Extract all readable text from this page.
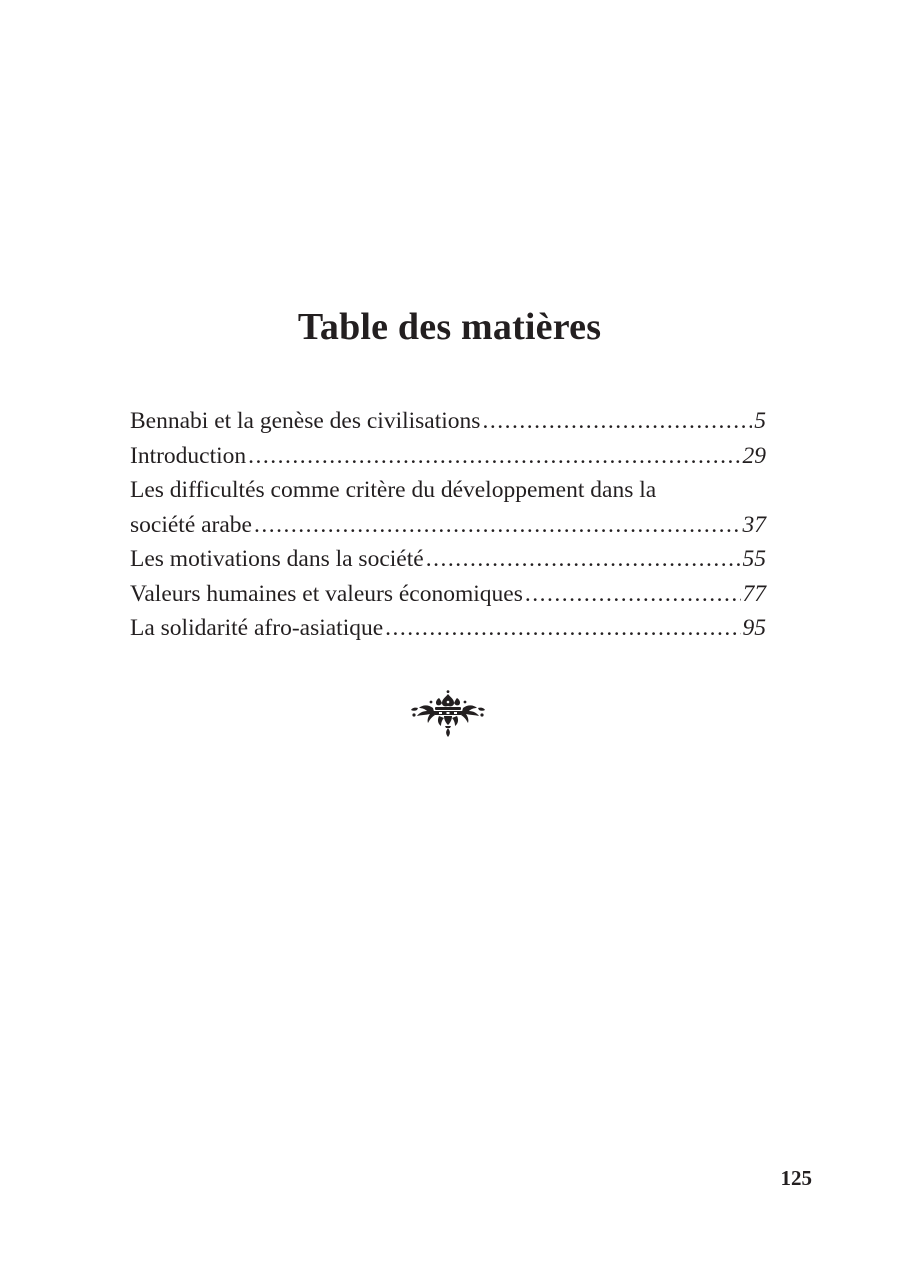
Table des matières
Bennabi et la genèse des civilisations .....	5
Introduction .....	29
Les difficultés comme critère du développement dans la
société arabe .....	37
Les motivations dans la société .....	55
Valeurs humaines et valeurs économiques .....	77
La solidarité afro-asiatique .....	95
125
